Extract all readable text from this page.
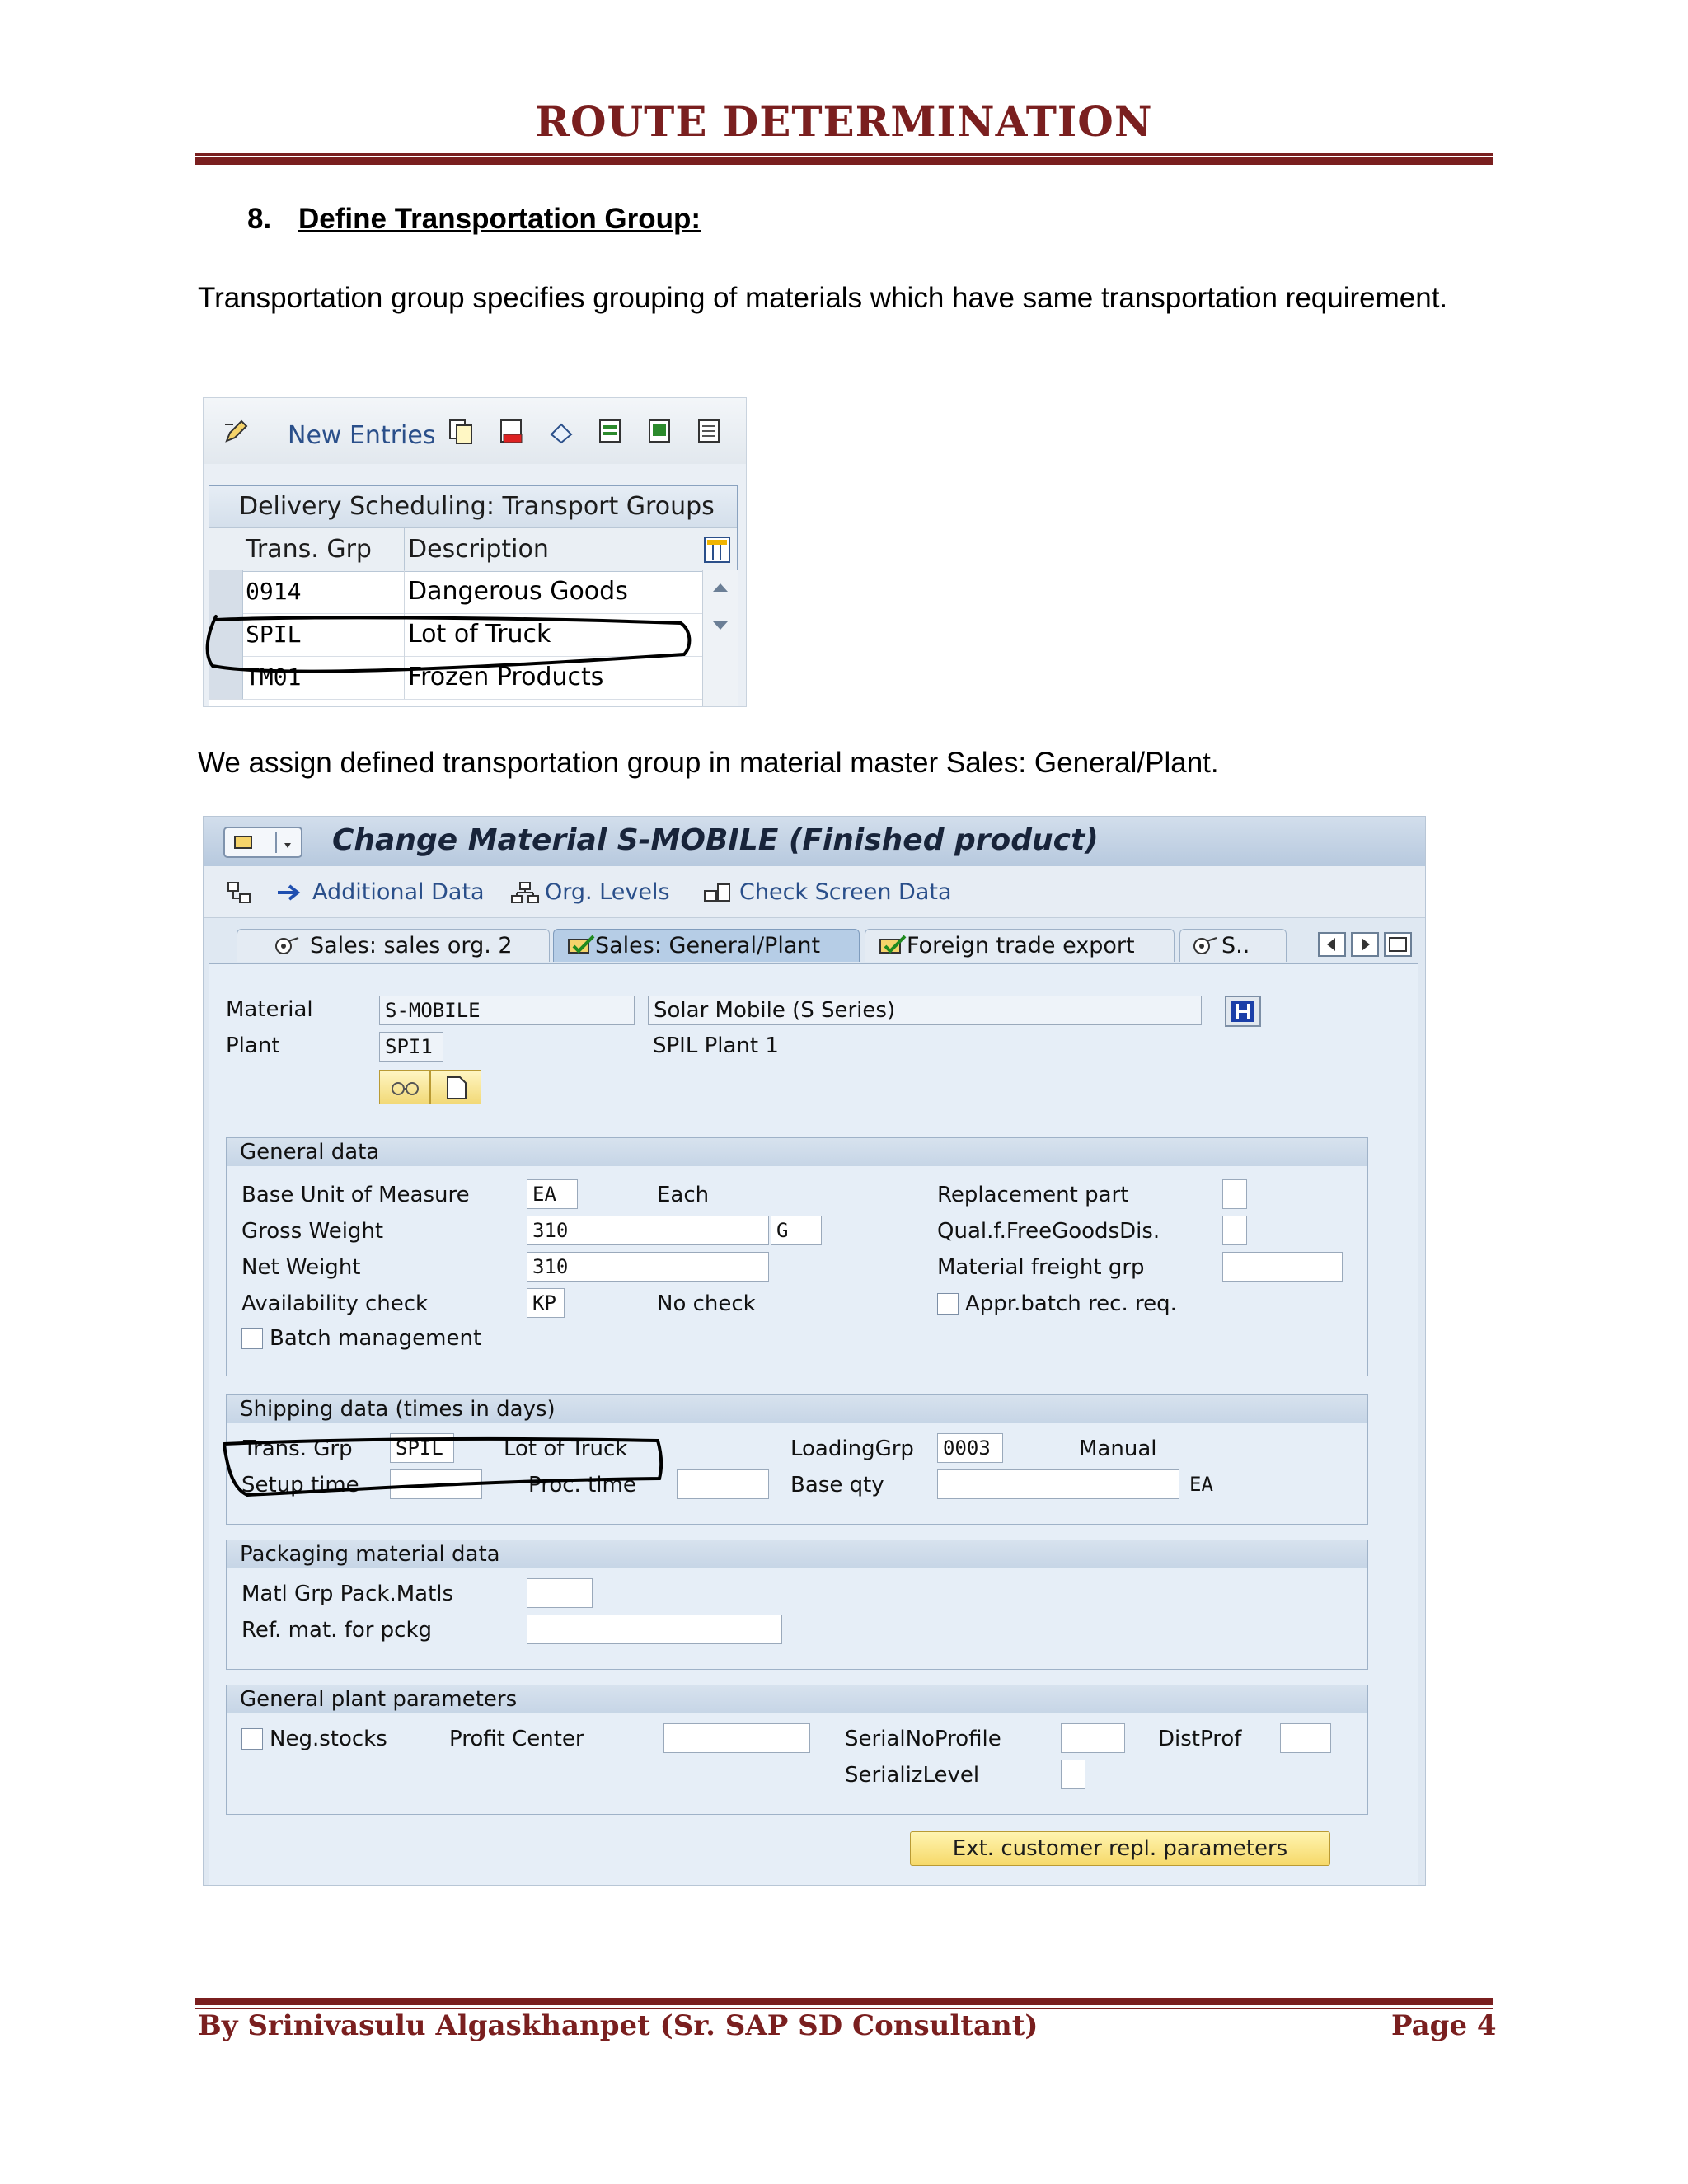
ROUTE DETERMINATION
8. Define Transportation Group:
Transportation group specifies grouping of materials which have same transportation requirement.
New Entries
Delivery Scheduling: Transport Groups
Trans. Grp Description
0914	Dangerous Goods
SPIL	Lot of Truck
TM01	Frozen Products
We assign defined transportation group in material master Sales: General/Plant.
Change Material S-MOBILE (Finished product)
Additional Data	Org. Levels	Check Screen Data
Sales: sales org. 2	Sales: General/Plant	Foreign trade export	S..
Material	S-MOBILE	Solar Mobile (S Series)
Plant	SPI1	SPIL Plant 1
General data
Base Unit of Measure	EA	Each
Gross Weight	310	G
Net Weight	310
Availability check	KP	No check
Batch management
Replacement part
Qual.f.FreeGoodsDis.
Material freight grp
Appr.batch rec. req.
Shipping data (times in days)
Trans. Grp SPIL	Lot of Truck	LoadingGrp 0003	Manual
Setup time	Proc. time	Base qty	EA
Packaging material data
Matl Grp Pack.Matls
Ref. mat. for pckg
General plant parameters
Neg.stocks	Profit Center	SerialNoProfile	DistProf
SerializLevel
Ext. customer repl. parameters
By Srinivasulu Algaskhanpet (Sr. SAP SD Consultant)	Page 4
